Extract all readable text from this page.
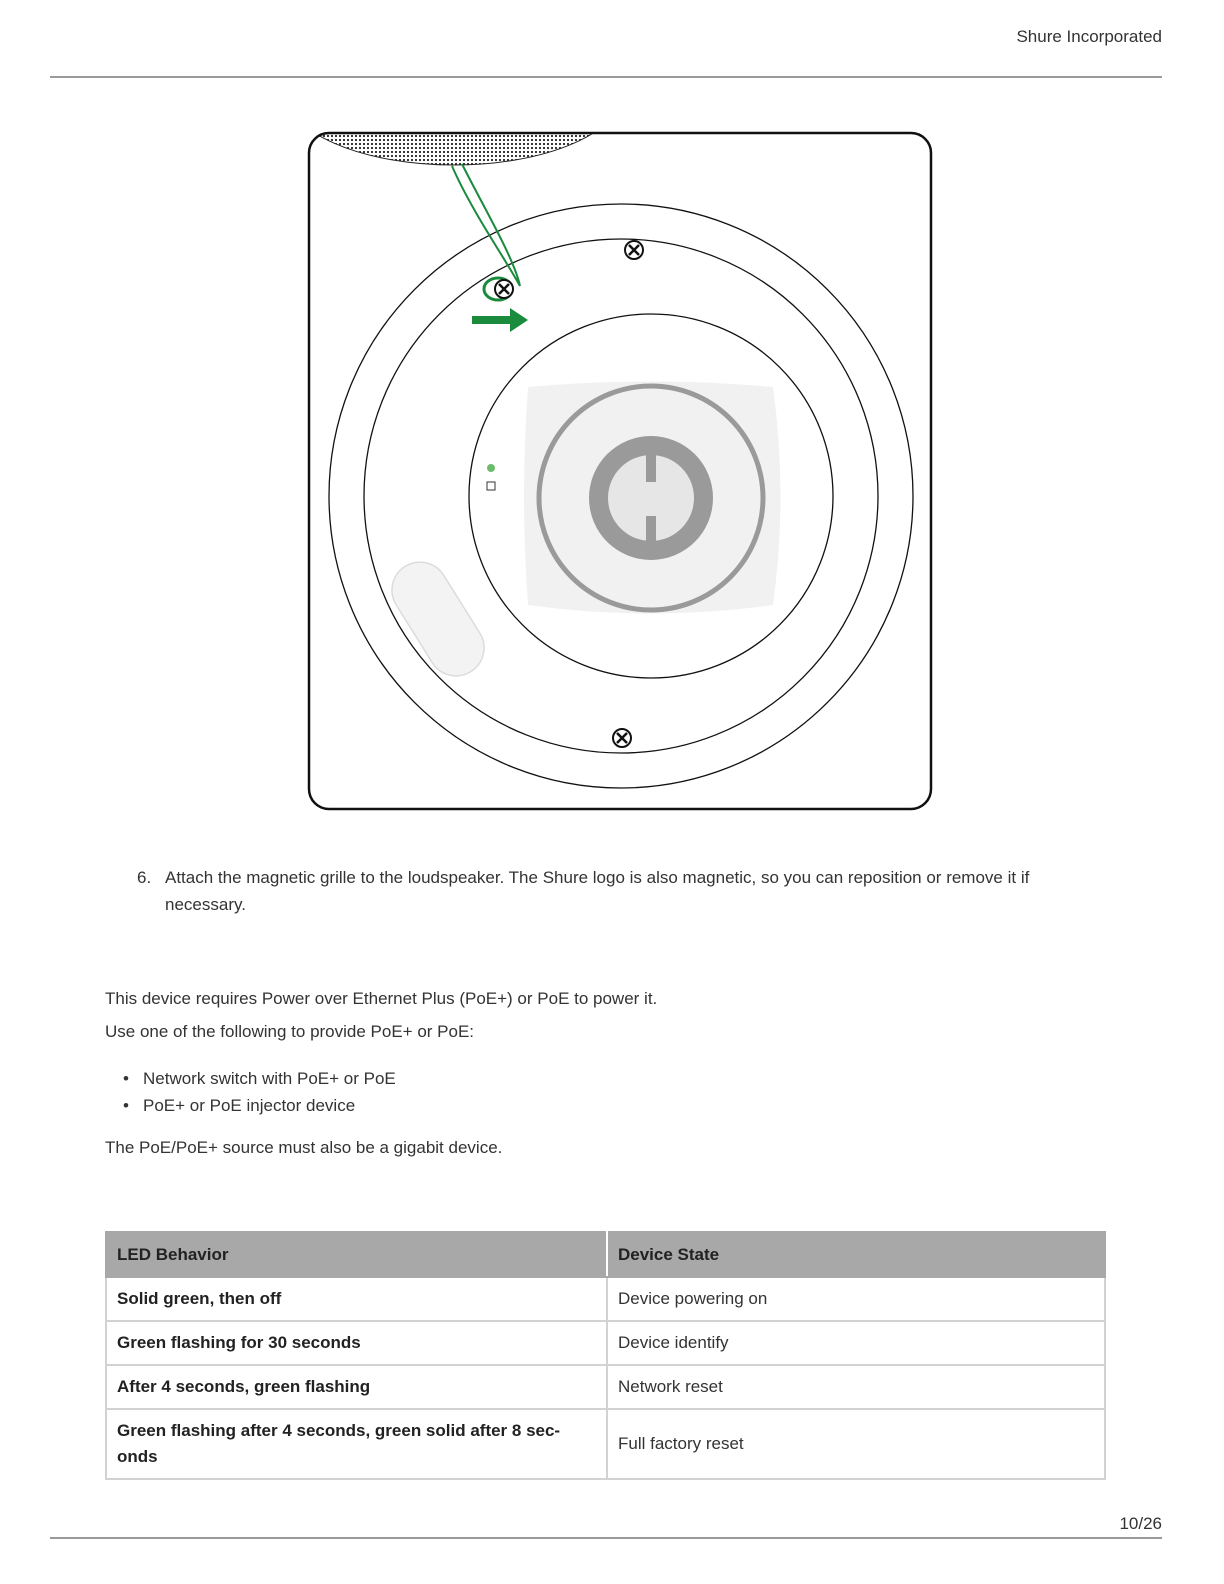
Shure Incorporated
6. Attach the magnetic grille to the loudspeaker. The Shure logo is also magnetic, so you can reposition or remove it if necessary.
This device requires Power over Ethernet Plus (PoE+) or PoE to power it.
Use one of the following to provide PoE+ or PoE:
• Network switch with PoE+ or PoE
• PoE+ or PoE injector device
The PoE/PoE+ source must also be a gigabit device.
LED Behavior	Device State
Solid green, then off	Device powering on
Green flashing for 30 seconds	Device identify
After 4 seconds, green flashing	Network reset
Green flashing after 4 seconds, green solid after 8 sec-onds	Full factory reset
10/26
